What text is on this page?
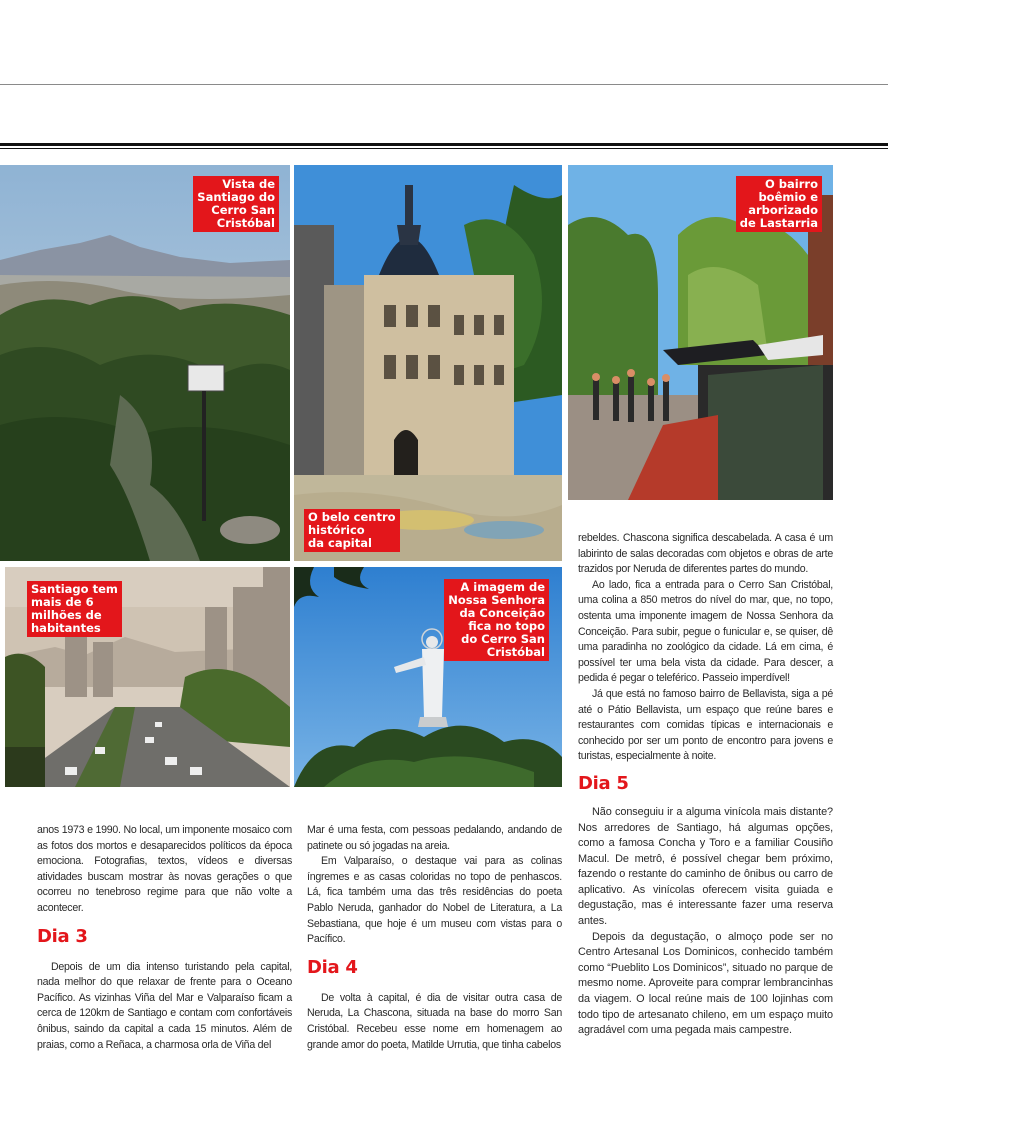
Vista de
Santiago do
Cerro San
Cristóbal
O belo centro
histórico
da capital
O bairro
boêmio e
arborizado
de Lastarria
Santiago tem
mais de 6
milhões de
habitantes
A imagem de
Nossa Senhora
da Conceição
fica no topo
do Cerro San
Cristóbal

rebeldes. Chascona significa descabelada. A casa é um labirinto de salas decoradas com objetos e obras de arte trazidos por Neruda de diferentes partes do mundo.

Ao lado, fica a entrada para o Cerro San Cristóbal, uma colina a 850 metros do nível do mar, que, no topo, ostenta uma imponente imagem de Nossa Senhora da Conceição. Para subir, pegue o funicular e, se quiser, dê uma paradinha no zoológico da cidade. Lá em cima, é possível ter uma bela vista da cidade. Para descer, a pedida é pegar o teleférico. Passeio imperdível!

Já que está no famoso bairro de Bellavista, siga a pé até o Pátio Bellavista, um espaço que reúne bares e restaurantes com comidas típicas e internacionais e conhecido por ser um ponto de encontro para jovens e turistas, especialmente à noite.

Dia 5

Não conseguiu ir a alguma vinícola mais distante? Nos arredores de Santiago, há algumas opções, como a famosa Concha y Toro e a familiar Cousiño Macul. De metrô, é possível chegar bem próximo, fazendo o restante do caminho de ônibus ou carro de aplicativo. As vinícolas oferecem visita guiada e degustação, mas é interessante fazer uma reserva antes.

Depois da degustação, o almoço pode ser no Centro Artesanal Los Dominicos, conhecido também como “Pueblito Los Dominicos”, situado no parque de mesmo nome. Aproveite para comprar lembrancinhas da viagem. O local reúne mais de 100 lojinhas com todo tipo de artesanato chileno, em um espaço muito agradável com uma pegada mais campestre.

anos 1973 e 1990. No local, um imponente mosaico com as fotos dos mortos e desaparecidos políticos da época emociona. Fotografias, textos, vídeos e diversas atividades buscam mostrar às novas gerações o que ocorreu no tenebroso regime para que não volte a acontecer.

Dia 3

Depois de um dia intenso turistando pela capital, nada melhor do que relaxar de frente para o Oceano Pacífico. As vizinhas Viña del Mar e Valparaíso ficam a cerca de 120km de Santiago e contam com confortáveis ônibus, saindo da capital a cada 15 minutos. Além de praias, como a Reñaca, a charmosa orla de Viña del

Mar é uma festa, com pessoas pedalando, andando de patinete ou só jogadas na areia.

Em Valparaíso, o destaque vai para as colinas íngremes e as casas coloridas no topo de penhascos. Lá, fica também uma das três residências do poeta Pablo Neruda, ganhador do Nobel de Literatura, a La Sebastiana, que hoje é um museu com vistas para o Pacífico.

Dia 4

De volta à capital, é dia de visitar outra casa de Neruda, La Chascona, situada na base do morro San Cristóbal. Recebeu esse nome em homenagem ao grande amor do poeta, Matilde Urrutia, que tinha cabelos
